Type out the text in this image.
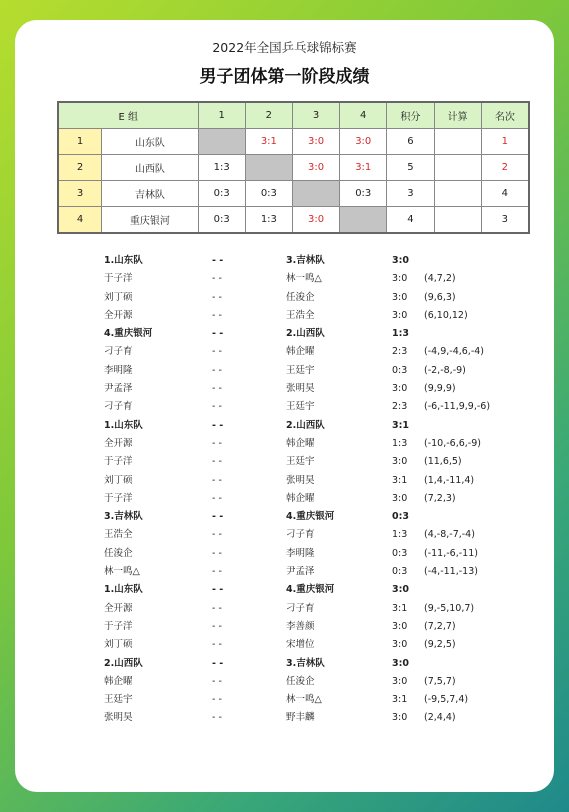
2022年全国乒乓球锦标赛
男子团体第一阶段成绩
E 组		1	2	3	4	积分	计算	名次
1	山东队		3:1	3:0	3:0	6		1
2	山西队	1:3		3:0	3:1	5		2
3	吉林队	0:3	0:3		0:3	3		4
4	重庆银河	0:3	1:3	3:0		4		3
1.山东队	- -	3.吉林队	3:0
于子洋	- -	林一鸣△	3:0 (4,7,2)
刘丁硕	- -	任浚企	3:0 (9,6,3)
全开源	- -	王浩全	3:0 (6,10,12)
4.重庆银河	- -	2.山西队	1:3
刁子育	- -	韩企曜	2:3 (-4,9,-4,6,-4)
李明隆	- -	王廷宇	0:3 (-2,-8,-9)
尹孟泽	- -	张明昊	3:0 (9,9,9)
刁子育	- -	王廷宇	2:3 (-6,-11,9,9,-6)
1.山东队	- -	2.山西队	3:1
全开源	- -	韩企曜	1:3 (-10,-6,6,-9)
于子洋	- -	王廷宇	3:0 (11,6,5)
刘丁硕	- -	张明昊	3:1 (1,4,-11,4)
于子洋	- -	韩企曜	3:0 (7,2,3)
3.吉林队	- -	4.重庆银河	0:3
王浩全	- -	刁子育	1:3 (4,-8,-7,-4)
任浚企	- -	李明隆	0:3 (-11,-6,-11)
林一鸣△	- -	尹孟泽	0:3 (-4,-11,-13)
1.山东队	- -	4.重庆银河	3:0
全开源	- -	刁子育	3:1 (9,-5,10,7)
于子洋	- -	李善颜	3:0 (7,2,7)
刘丁硕	- -	宋增位	3:0 (9,2,5)
2.山西队	- -	3.吉林队	3:0
韩企曜	- -	任浚企	3:0 (7,5,7)
王廷宇	- -	林一鸣△	3:1 (-9,5,7,4)
张明昊	- -	野丰麟	3:0 (2,4,4)
